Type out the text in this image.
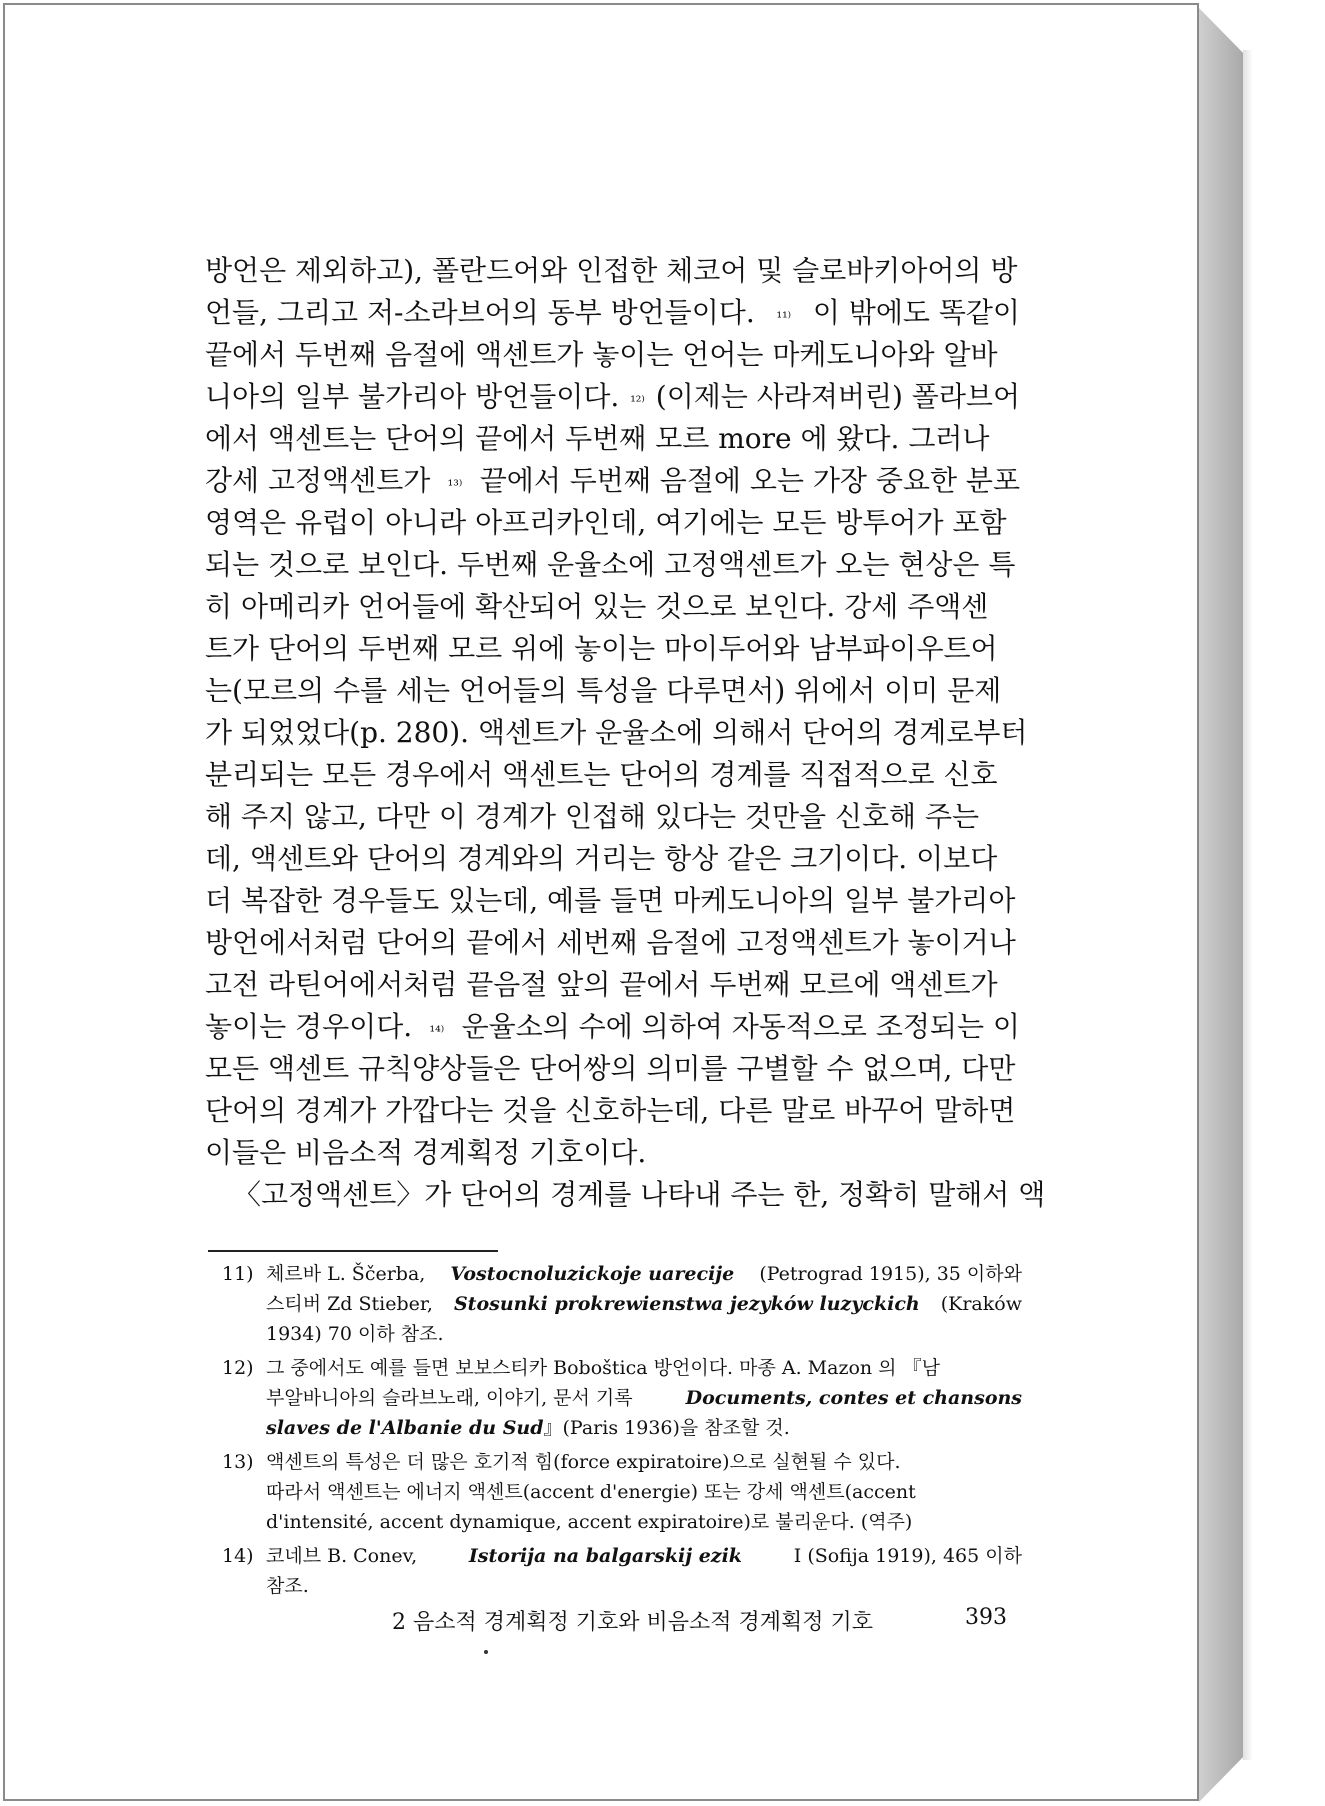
방언은 제외하고), 폴란드어와 인접한 체코어 및 슬로바키아어의 방
언들, 그리고 저-소라브어의 동부 방언들이다. ¹¹⁾ 이 밖에도 똑같이
끝에서 두번째 음절에 액센트가 놓이는 언어는 마케도니아와 알바
니아의 일부 불가리아 방언들이다. ¹²⁾ (이제는 사라져버린) 폴라브어
에서 액센트는 단어의 끝에서 두번째 모르 more 에 왔다. 그러나
강세 고정액센트가 ¹³⁾ 끝에서 두번째 음절에 오는 가장 중요한 분포
영역은 유럽이 아니라 아프리카인데, 여기에는 모든 방투어가 포함
되는 것으로 보인다. 두번째 운율소에 고정액센트가 오는 현상은 특
히 아메리카 언어들에 확산되어 있는 것으로 보인다. 강세 주액센
트가 단어의 두번째 모르 위에 놓이는 마이두어와 남부파이우트어
는(모르의 수를 세는 언어들의 특성을 다루면서) 위에서 이미 문제
가 되었었다(p. 280). 액센트가 운율소에 의해서 단어의 경계로부터
분리되는 모든 경우에서 액센트는 단어의 경계를 직접적으로 신호
해 주지 않고, 다만 이 경계가 인접해 있다는 것만을 신호해 주는
데, 액센트와 단어의 경계와의 거리는 항상 같은 크기이다. 이보다
더 복잡한 경우들도 있는데, 예를 들면 마케도니아의 일부 불가리아
방언에서처럼 단어의 끝에서 세번째 음절에 고정액센트가 놓이거나
고전 라틴어에서처럼 끝음절 앞의 끝에서 두번째 모르에 액센트가
놓이는 경우이다. ¹⁴⁾ 운율소의 수에 의하여 자동적으로 조정되는 이
모든 액센트 규칙양상들은 단어쌍의 의미를 구별할 수 없으며, 다만
단어의 경계가 가깝다는 것을 신호하는데, 다른 말로 바꾸어 말하면
이들은 비음소적 경계획정 기호이다.
〈고정액센트〉가 단어의 경계를 나타내 주는 한, 정확히 말해서 액
11) 체르바 L. Ščerba, Vostocnoluzickoje uarecije (Petrograd 1915), 35 이하와
스티버 Zd Stieber, Stosunki prokrewienstwa jezyków luzyckich (Kraków
1934) 70 이하 참조.
12) 그 중에서도 예를 들면 보보스티카 Boboštica 방언이다. 마종 A. Mazon 의 『남
부알바니아의 슬라브노래, 이야기, 문서 기록 Documents, contes et chansons
slaves de l'Albanie du Sud 』(Paris 1936)을 참조할 것.
13) 액센트의 특성은 더 많은 호기적 힘(force expiratoire)으로 실현될 수 있다.
따라서 액센트는 에너지 액센트(accent d'energie) 또는 강세 액센트(accent
d'intensité, accent dynamique, accent expiratoire)로 불리운다. (역주)
14) 코네브 B. Conev, Istorija na balgarskij ezik I (Sofija 1919), 465 이하
참조.
2 음소적 경계획정 기호와 비음소적 경계획정 기호	393
